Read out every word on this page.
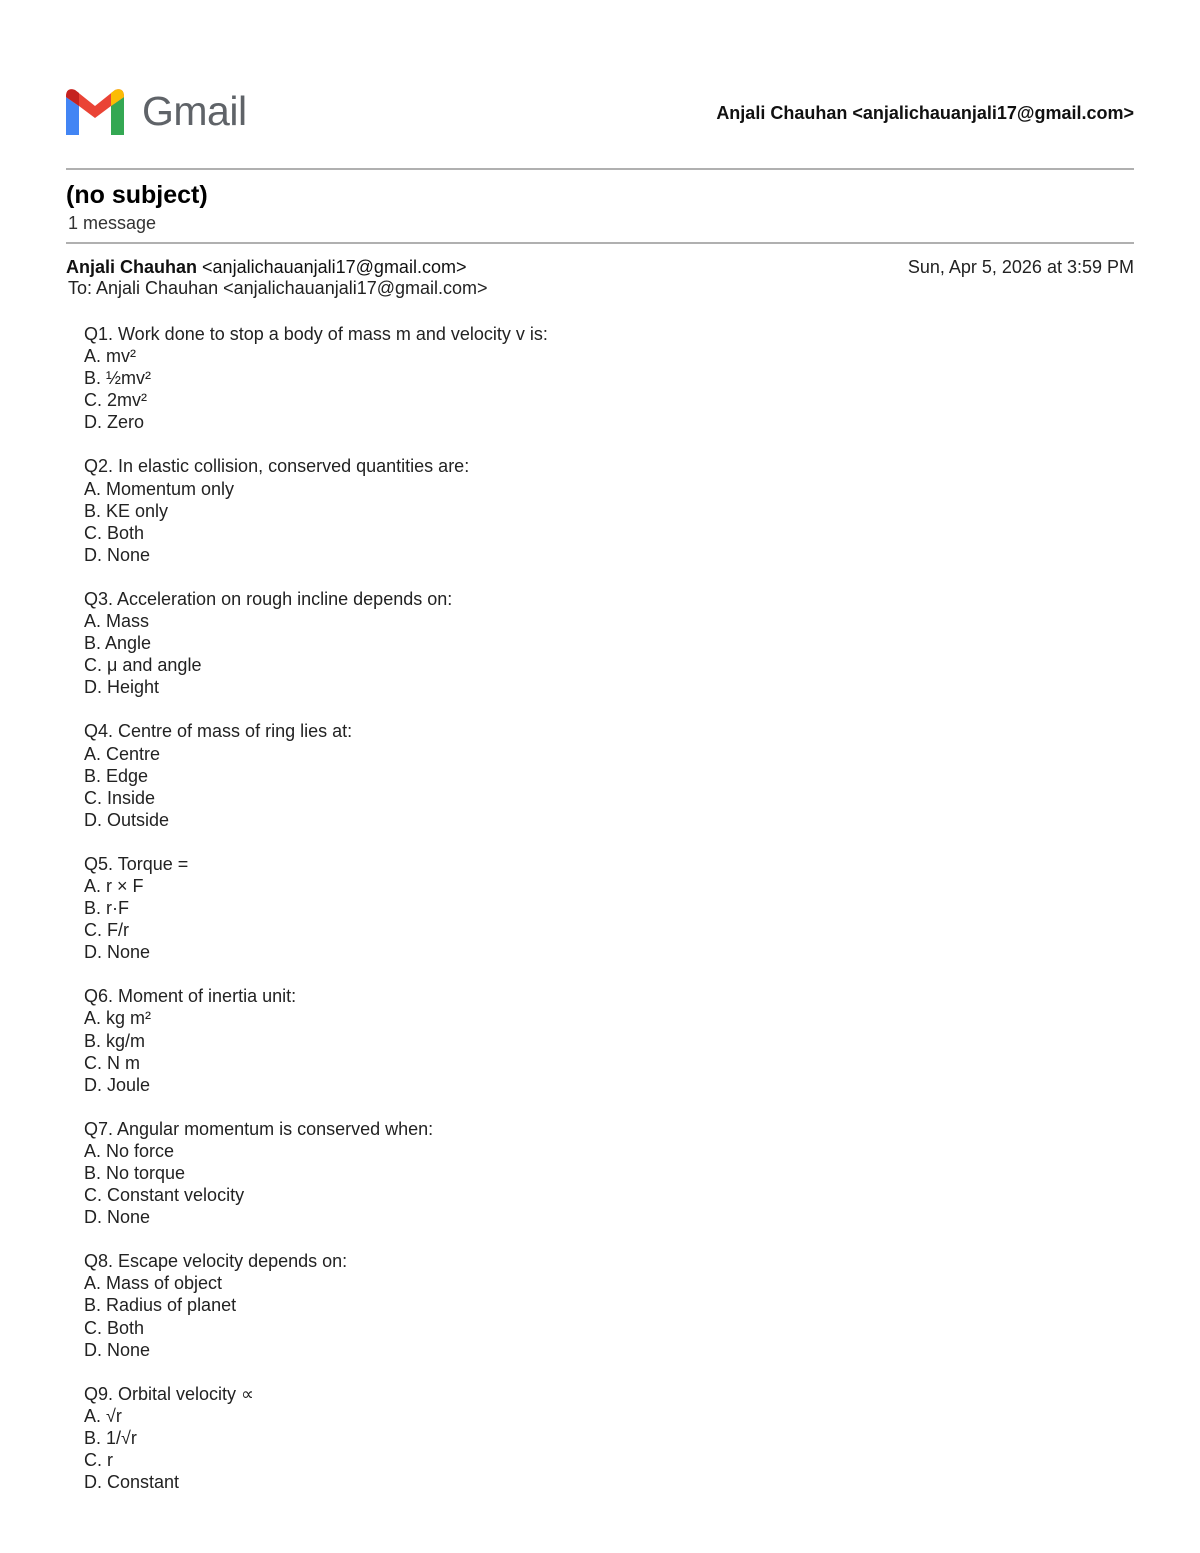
Gmail	Anjali Chauhan <anjalichauanjali17@gmail.com>
(no subject)
1 message
Anjali Chauhan <anjalichauanjali17@gmail.com>	Sun, Apr 5, 2026 at 3:59 PM
To: Anjali Chauhan <anjalichauanjali17@gmail.com>
Q1. Work done to stop a body of mass m and velocity v is:
A. mv²
B. ½mv²
C. 2mv²
D. Zero
Q2. In elastic collision, conserved quantities are:
A. Momentum only
B. KE only
C. Both
D. None
Q3. Acceleration on rough incline depends on:
A. Mass
B. Angle
C. μ and angle
D. Height
Q4. Centre of mass of ring lies at:
A. Centre
B. Edge
C. Inside
D. Outside
Q5. Torque =
A. r × F
B. r·F
C. F/r
D. None
Q6. Moment of inertia unit:
A. kg m²
B. kg/m
C. N m
D. Joule
Q7. Angular momentum is conserved when:
A. No force
B. No torque
C. Constant velocity
D. None
Q8. Escape velocity depends on:
A. Mass of object
B. Radius of planet
C. Both
D. None
Q9. Orbital velocity ∝
A. √r
B. 1/√r
C. r
D. Constant
